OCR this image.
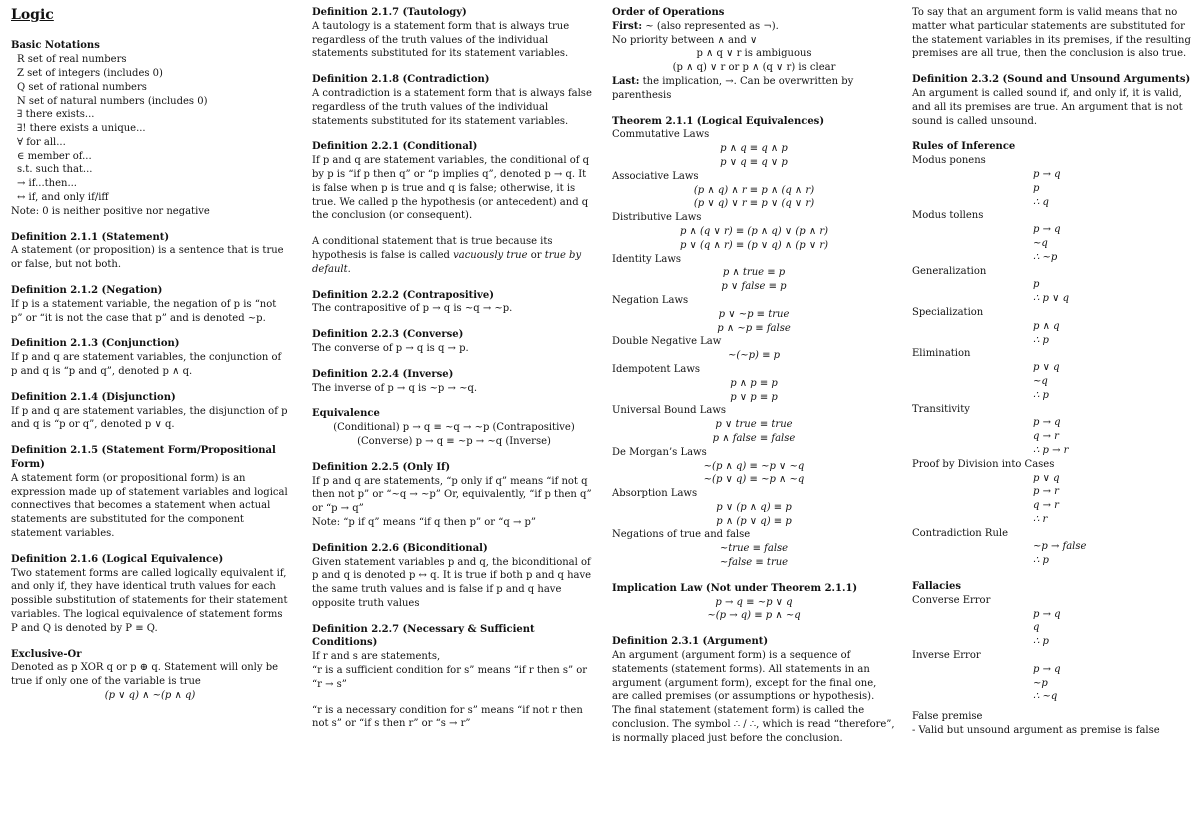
Logic

Basic Notations

R set of real numbers

Z set of integers (includes 0)

Q set of rational numbers

N set of natural numbers (includes 0)

∃ there exists...

∃! there exists a unique...

∀ for all...

∈ member of...

s.t. such that...

→ if...then...

↔ if, and only if/iff

Note: 0 is neither positive nor negative

Definition 2.1.1 (Statement)

A statement (or proposition) is a sentence that is true or false, but not both.

Definition 2.1.2 (Negation)

If p is a statement variable, the negation of p is “not p” or “it is not the case that p” and is denoted ~p.

Definition 2.1.3 (Conjunction)

If p and q are statement variables, the conjunction of p and q is “p and q”, denoted p ∧ q.

Definition 2.1.4 (Disjunction)

If p and q are statement variables, the disjunction of p and q is “p or q”, denoted p ∨ q.

Definition 2.1.5 (Statement Form/Propositional Form)

A statement form (or propositional form) is an expression made up of statement variables and logical connectives that becomes a statement when actual statements are substituted for the component statement variables.

Definition 2.1.6 (Logical Equivalence)

Two statement forms are called logically equivalent if, and only if, they have identical truth values for each possible substitution of statements for their statement variables. The logical equivalence of statement forms P and Q is denoted by P ≡ Q.

Exclusive-Or

Denoted as p XOR q or p ⊕ q. Statement will only be true if only one of the variable is true

(p ∨ q) ∧ ~(p ∧ q)

Definition 2.1.7 (Tautology)

A tautology is a statement form that is always true regardless of the truth values of the individual statements substituted for its statement variables.

Definition 2.1.8 (Contradiction)

A contradiction is a statement form that is always false regardless of the truth values of the individual statements substituted for its statement variables.

Definition 2.2.1 (Conditional)

If p and q are statement variables, the conditional of q by p is “if p then q” or “p implies q”, denoted p → q. It is false when p is true and q is false; otherwise, it is true. We called p the hypothesis (or antecedent) and q the conclusion (or consequent).

A conditional statement that is true because its hypothesis is false is called vacuously true or true by default.

Definition 2.2.2 (Contrapositive)

The contrapositive of p → q is ~q → ~p.

Definition 2.2.3 (Converse)

The converse of p → q is q → p.

Definition 2.2.4 (Inverse)

The inverse of p → q is ~p → ~q.

Equivalence

(Conditional) p → q ≡ ~q → ~p (Contrapositive)

(Converse) p → q ≡ ~p → ~q (Inverse)

Definition 2.2.5 (Only If)

If p and q are statements, “p only if q” means “if not q then not p” or “~q → ~p” Or, equivalently, “if p then q” or “p → q”

Note: “p if q” means “if q then p” or “q → p”

Definition 2.2.6 (Biconditional)

Given statement variables p and q, the biconditional of p and q is denoted p ↔ q. It is true if both p and q have the same truth values and is false if p and q have opposite truth values

Definition 2.2.7 (Necessary & Sufficient Conditions)

If r and s are statements,

“r is a sufficient condition for s” means “if r then s” or “r → s”

“r is a necessary condition for s” means “if not r then not s” or “if s then r” or “s → r”

Order of Operations

First: ~ (also represented as ¬).

No priority between ∧ and ∨

p ∧ q ∨ r is ambiguous

(p ∧ q) ∨ r or p ∧ (q ∨ r) is clear

Last: the implication, →. Can be overwritten by parenthesis

Theorem 2.1.1 (Logical Equivalences)

Commutative Laws

p ∧ q ≡ q ∧ p

p ∨ q ≡ q ∨ p

Associative Laws

(p ∧ q) ∧ r ≡ p ∧ (q ∧ r)

(p ∨ q) ∨ r ≡ p ∨ (q ∨ r)

Distributive Laws

p ∧ (q ∨ r) ≡ (p ∧ q) ∨ (p ∧ r)

p ∨ (q ∧ r) ≡ (p ∨ q) ∧ (p ∨ r)

Identity Laws

p ∧ true ≡ p

p ∨ false ≡ p

Negation Laws

p ∨ ~p ≡ true

p ∧ ~p ≡ false

Double Negative Law

~(~p) ≡ p

Idempotent Laws

p ∧ p ≡ p

p ∨ p ≡ p

Universal Bound Laws

p ∨ true ≡ true

p ∧ false ≡ false

De Morgan’s Laws

~(p ∧ q) ≡ ~p ∨ ~q

~(p ∨ q) ≡ ~p ∧ ~q

Absorption Laws

p ∨ (p ∧ q) ≡ p

p ∧ (p ∨ q) ≡ p

Negations of true and false

~true ≡ false

~false ≡ true

Implication Law (Not under Theorem 2.1.1)

p → q ≡ ~p ∨ q

~(p → q) ≡ p ∧ ~q

Definition 2.3.1 (Argument)

An argument (argument form) is a sequence of statements (statement forms). All statements in an argument (argument form), except for the final one, are called premises (or assumptions or hypothesis). The final statement (statement form) is called the conclusion. The symbol ∴ / ∴, which is read “therefore”, is normally placed just before the conclusion.

To say that an argument form is valid means that no matter what particular statements are substituted for the statement variables in its premises, if the resulting premises are all true, then the conclusion is also true.

Definition 2.3.2 (Sound and Unsound Arguments)

An argument is called sound if, and only if, it is valid, and all its premises are true. An argument that is not sound is called unsound.

Rules of Inference

Modus ponens

p → q

p

∴ q

Modus tollens

p → q

~q

∴ ~p

Generalization

p

∴ p ∨ q

Specialization

p ∧ q

∴ p

Elimination

p ∨ q

~q

∴ p

Transitivity

p → q

q → r

∴ p → r

Proof by Division into Cases

p ∨ q

p → r

q → r

∴ r

Contradiction Rule

~p → false

∴ p

Fallacies

Converse Error

p → q

q

∴ p

Inverse Error

p → q

~p

∴ ~q

False premise

- Valid but unsound argument as premise is false
